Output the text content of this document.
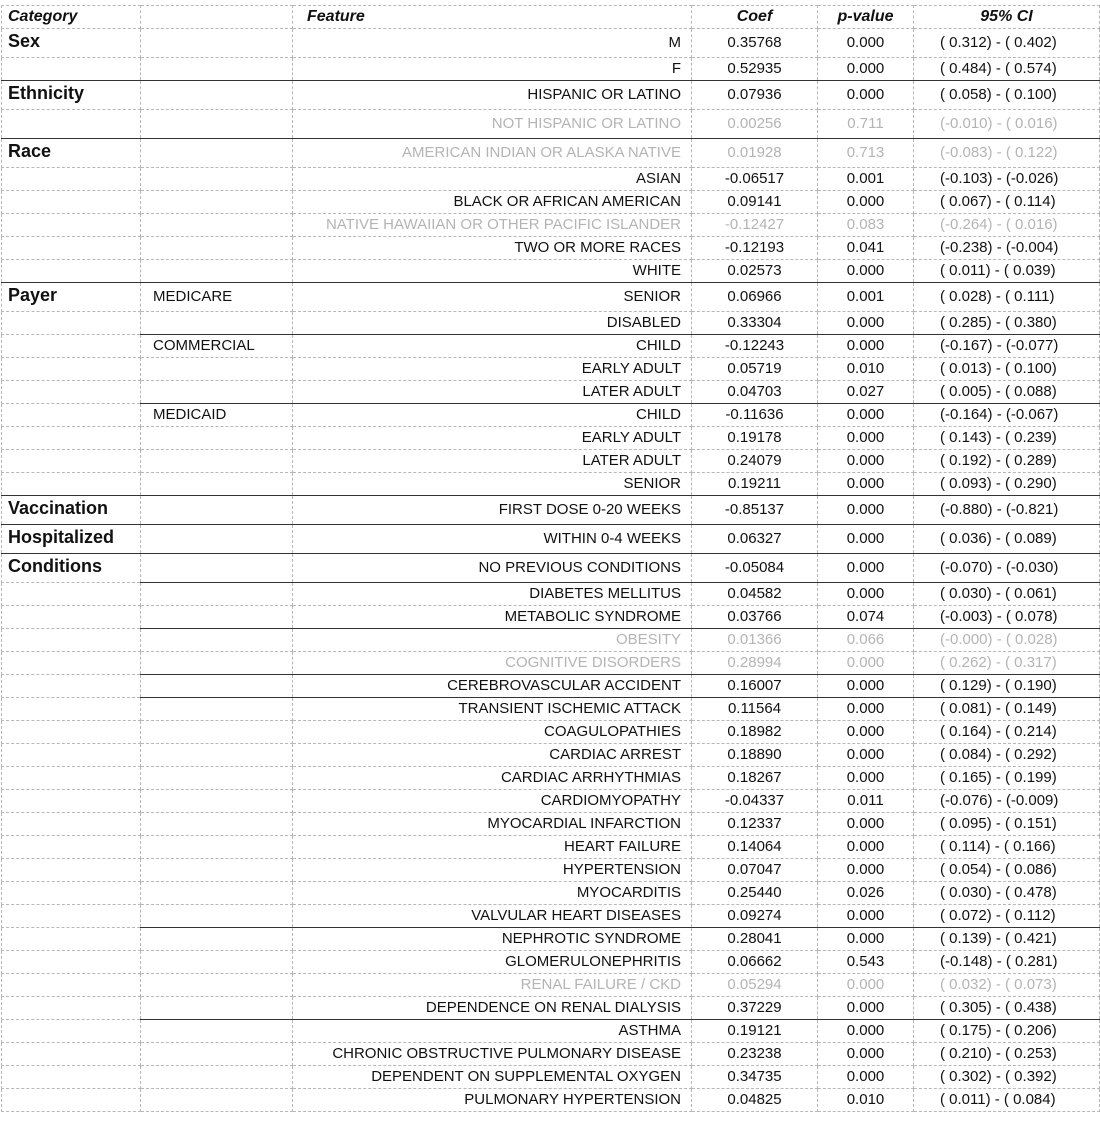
Category		Feature	Coef	p-value	95% CI
Sex		M	0.35768	0.000	( 0.312) - ( 0.402)
		F	0.52935	0.000	( 0.484) - ( 0.574)
Ethnicity		HISPANIC OR LATINO	0.07936	0.000	( 0.058) - ( 0.100)
		NOT HISPANIC OR LATINO	0.00256	0.711	(-0.010) - ( 0.016)
Race		AMERICAN INDIAN OR ALASKA NATIVE	0.01928	0.713	(-0.083) - ( 0.122)
		ASIAN	-0.06517	0.001	(-0.103) - (-0.026)
		BLACK OR AFRICAN AMERICAN	0.09141	0.000	( 0.067) - ( 0.114)
		NATIVE HAWAIIAN OR OTHER PACIFIC ISLANDER	-0.12427	0.083	(-0.264) - ( 0.016)
		TWO OR MORE RACES	-0.12193	0.041	(-0.238) - (-0.004)
		WHITE	0.02573	0.000	( 0.011) - ( 0.039)
Payer	MEDICARE	SENIOR	0.06966	0.001	( 0.028) - ( 0.111)
		DISABLED	0.33304	0.000	( 0.285) - ( 0.380)
	COMMERCIAL	CHILD	-0.12243	0.000	(-0.167) - (-0.077)
		EARLY ADULT	0.05719	0.010	( 0.013) - ( 0.100)
		LATER ADULT	0.04703	0.027	( 0.005) - ( 0.088)
	MEDICAID	CHILD	-0.11636	0.000	(-0.164) - (-0.067)
		EARLY ADULT	0.19178	0.000	( 0.143) - ( 0.239)
		LATER ADULT	0.24079	0.000	( 0.192) - ( 0.289)
		SENIOR	0.19211	0.000	( 0.093) - ( 0.290)
Vaccination		FIRST DOSE 0-20 WEEKS	-0.85137	0.000	(-0.880) - (-0.821)
Hospitalized		WITHIN 0-4 WEEKS	0.06327	0.000	( 0.036) - ( 0.089)
Conditions		NO PREVIOUS CONDITIONS	-0.05084	0.000	(-0.070) - (-0.030)
		DIABETES MELLITUS	0.04582	0.000	( 0.030) - ( 0.061)
		METABOLIC SYNDROME	0.03766	0.074	(-0.003) - ( 0.078)
		OBESITY	0.01366	0.066	(-0.000) - ( 0.028)
		COGNITIVE DISORDERS	0.28994	0.000	( 0.262) - ( 0.317)
		CEREBROVASCULAR ACCIDENT	0.16007	0.000	( 0.129) - ( 0.190)
		TRANSIENT ISCHEMIC ATTACK	0.11564	0.000	( 0.081) - ( 0.149)
		COAGULOPATHIES	0.18982	0.000	( 0.164) - ( 0.214)
		CARDIAC ARREST	0.18890	0.000	( 0.084) - ( 0.292)
		CARDIAC ARRHYTHMIAS	0.18267	0.000	( 0.165) - ( 0.199)
		CARDIOMYOPATHY	-0.04337	0.011	(-0.076) - (-0.009)
		MYOCARDIAL INFARCTION	0.12337	0.000	( 0.095) - ( 0.151)
		HEART FAILURE	0.14064	0.000	( 0.114) - ( 0.166)
		HYPERTENSION	0.07047	0.000	( 0.054) - ( 0.086)
		MYOCARDITIS	0.25440	0.026	( 0.030) - ( 0.478)
		VALVULAR HEART DISEASES	0.09274	0.000	( 0.072) - ( 0.112)
		NEPHROTIC SYNDROME	0.28041	0.000	( 0.139) - ( 0.421)
		GLOMERULONEPHRITIS	0.06662	0.543	(-0.148) - ( 0.281)
		RENAL FAILURE / CKD	0.05294	0.000	( 0.032) - ( 0.073)
		DEPENDENCE ON RENAL DIALYSIS	0.37229	0.000	( 0.305) - ( 0.438)
		ASTHMA	0.19121	0.000	( 0.175) - ( 0.206)
		CHRONIC OBSTRUCTIVE PULMONARY DISEASE	0.23238	0.000	( 0.210) - ( 0.253)
		DEPENDENT ON SUPPLEMENTAL OXYGEN	0.34735	0.000	( 0.302) - ( 0.392)
		PULMONARY HYPERTENSION	0.04825	0.010	( 0.011) - ( 0.084)
